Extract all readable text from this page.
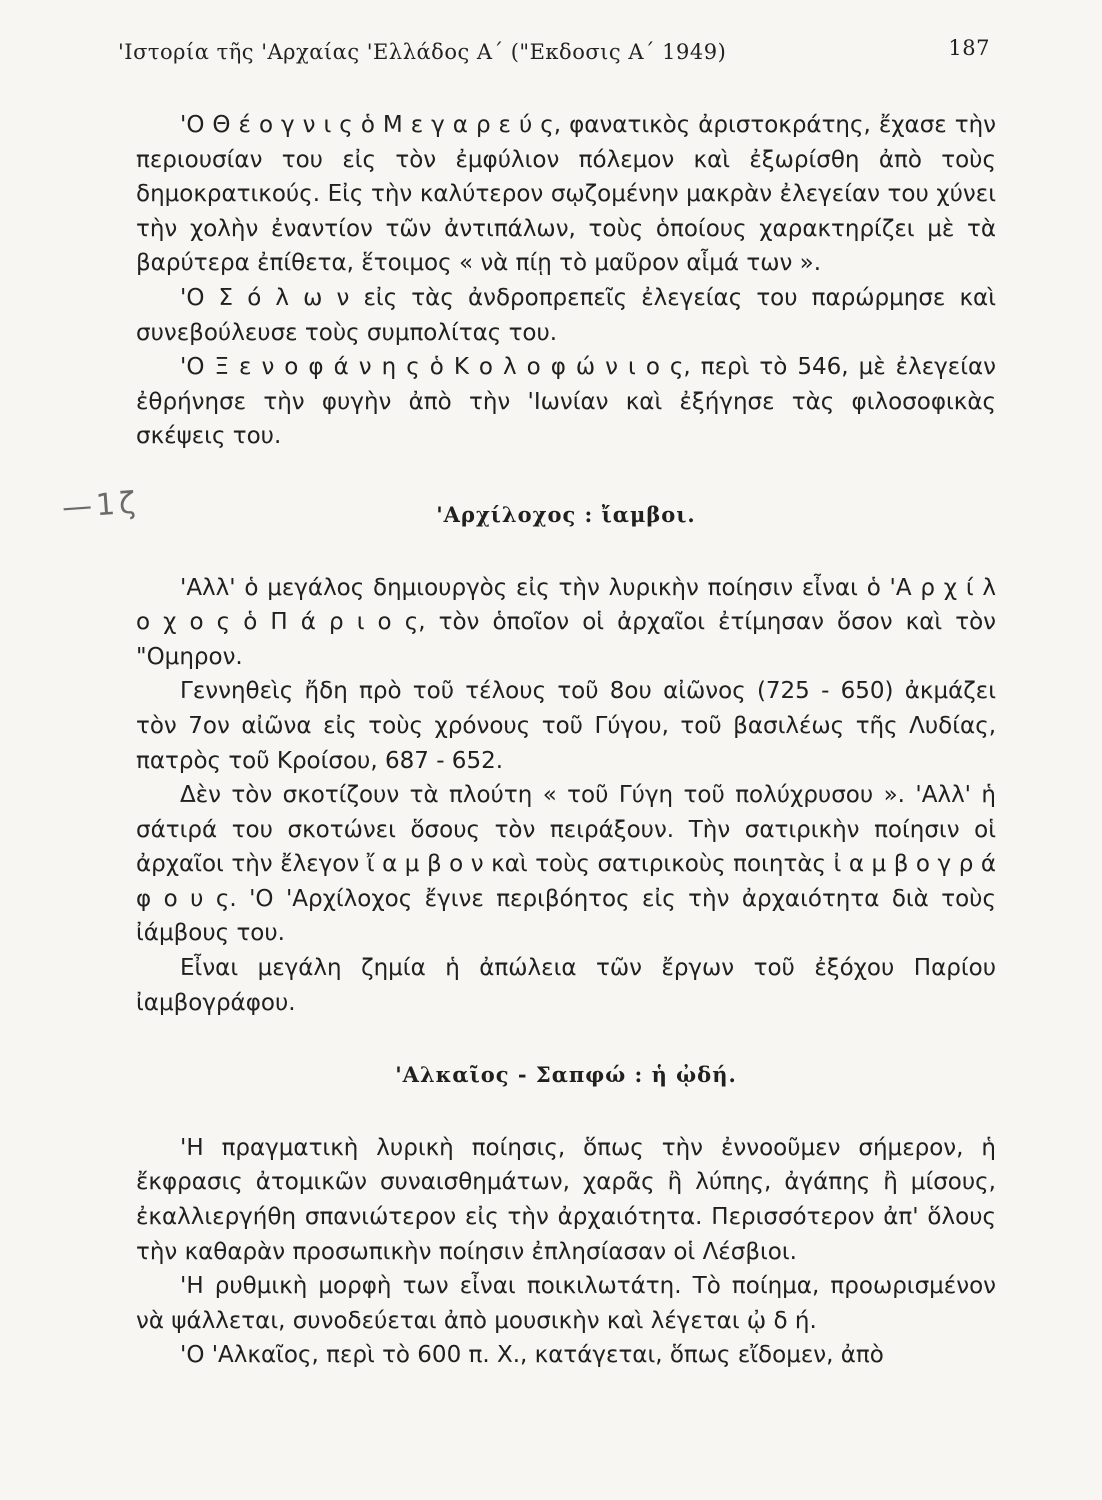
'Ιστορία τῆς 'Αρχαίας 'Ελλάδος Α΄ ("Εκδοσις Α΄ 1949)	187
—1ζ

'Ο Θ έ ο γ ν ι ς ὁ Μ ε γ α ρ ε ύ ς, φανατικὸς ἀριστοκράτης, ἔχασε τὴν περιουσίαν του εἰς τὸν ἐμφύλιον πόλεμον καὶ ἐξωρίσθη ἀπὸ τοὺς δημοκρατικούς. Εἰς τὴν καλύτερον σῳζομένην μακρὰν ἐλεγείαν του χύνει τὴν χολὴν ἐναντίον τῶν ἀντιπάλων, τοὺς ὁποίους χαρακτηρίζει μὲ τὰ βαρύτερα ἐπίθετα, ἕτοιμος « νὰ πίῃ τὸ μαῦρον αἷμά των ».

'Ο Σ ό λ ω ν εἰς τὰς ἀνδροπρεπεῖς ἐλεγείας του παρώρμησε καὶ συνεβούλευσε τοὺς συμπολίτας του.

'Ο Ξ ε ν ο φ ά ν η ς ὁ Κ ο λ ο φ ώ ν ι ο ς, περὶ τὸ 546, μὲ ἐλεγείαν ἐθρήνησε τὴν φυγὴν ἀπὸ τὴν 'Ιωνίαν καὶ ἐξήγησε τὰς φιλοσοφικὰς σκέψεις του.

'Αρχίλοχος : ἴαμβοι.

'Αλλ' ὁ μεγάλος δημιουργὸς εἰς τὴν λυρικὴν ποίησιν εἶναι ὁ 'Α ρ χ ί λ ο χ ο ς ὁ Π ά ρ ι ο ς, τὸν ὁποῖον οἱ ἀρχαῖοι ἐτίμησαν ὅσον καὶ τὸν "Ομηρον.

Γεννηθεὶς ἤδη πρὸ τοῦ τέλους τοῦ 8ου αἰῶνος (725 - 650) ἀκμάζει τὸν 7ον αἰῶνα εἰς τοὺς χρόνους τοῦ Γύγου, τοῦ βασιλέως τῆς Λυδίας, πατρὸς τοῦ Κροίσου, 687 - 652.

Δὲν τὸν σκοτίζουν τὰ πλούτη « τοῦ Γύγη τοῦ πολύχρυσου ». 'Αλλ' ἡ σάτιρά του σκοτώνει ὅσους τὸν πειράξουν. Τὴν σατιρικὴν ποίησιν οἱ ἀρχαῖοι τὴν ἔλεγον ἴ α μ β ο ν καὶ τοὺς σατιρικοὺς ποιητὰς ἰ α μ β ο γ ρ ά φ ο υ ς. 'Ο 'Αρχίλοχος ἔγινε περιβόητος εἰς τὴν ἀρχαιότητα διὰ τοὺς ἰάμβους του.

Εἶναι μεγάλη ζημία ἡ ἀπώλεια τῶν ἔργων τοῦ ἐξόχου Παρίου ἰαμβογράφου.

'Αλκαῖος - Σαπφώ : ἡ ᾠδή.

'Η πραγματικὴ λυρικὴ ποίησις, ὅπως τὴν ἐννοοῦμεν σήμερον, ἡ ἔκφρασις ἀτομικῶν συναισθημάτων, χαρᾶς ἢ λύπης, ἀγάπης ἢ μίσους, ἐκαλλιεργήθη σπανιώτερον εἰς τὴν ἀρχαιότητα. Περισσότερον ἀπ' ὅλους τὴν καθαρὰν προσωπικὴν ποίησιν ἐπλησίασαν οἱ Λέσβιοι.

'Η ρυθμικὴ μορφὴ των εἶναι ποικιλωτάτη. Τὸ ποίημα, προωρισμένον νὰ ψάλλεται, συνοδεύεται ἀπὸ μουσικὴν καὶ λέγεται ᾠ δ ή.

'Ο 'Αλκαῖος, περὶ τὸ 600 π. Χ., κατάγεται, ὅπως εἴδομεν, ἀπὸ
